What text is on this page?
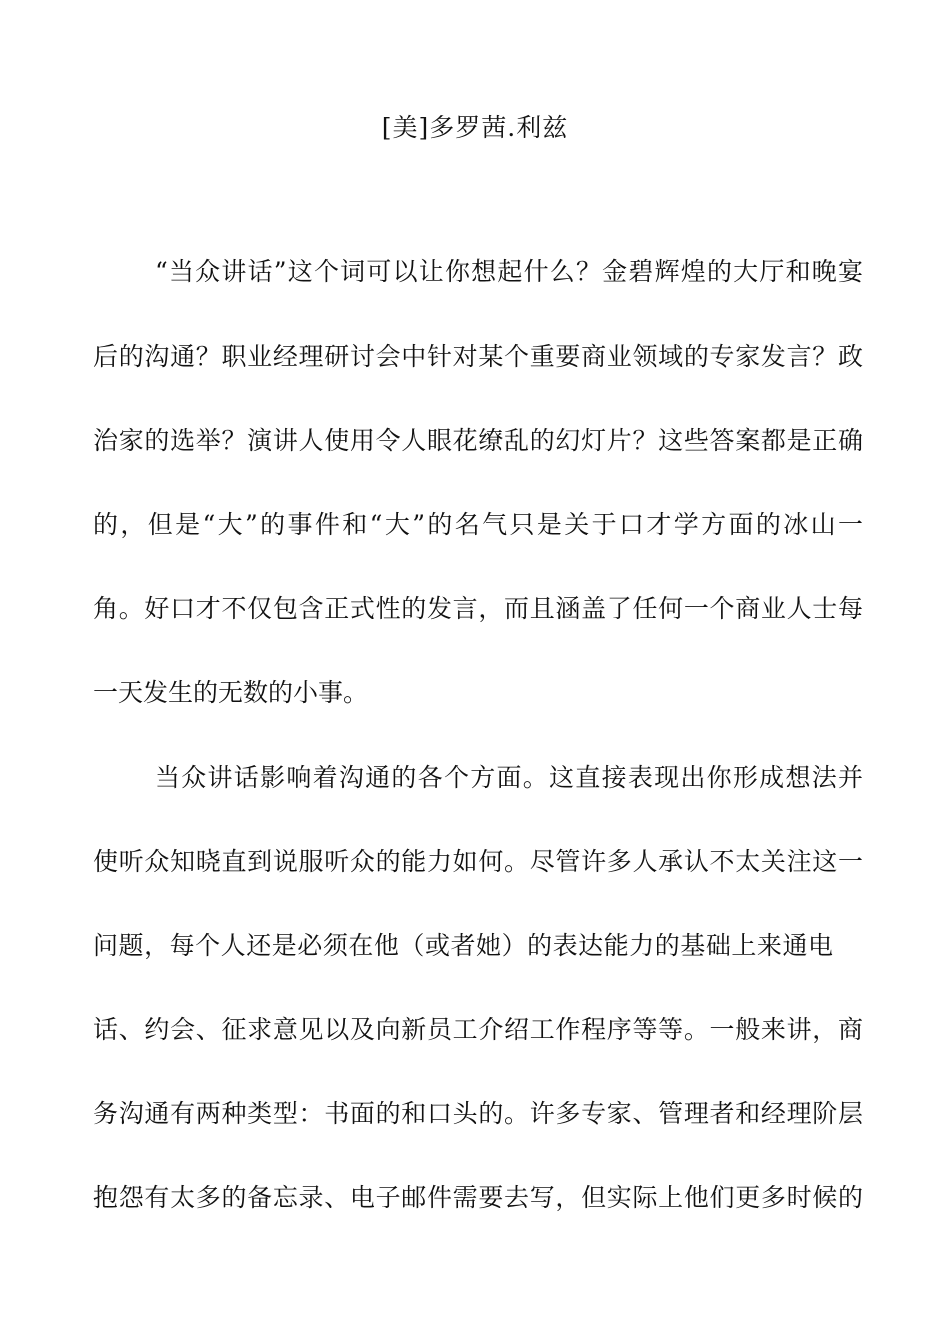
[美]多罗茜.利兹
“当众讲话”这个词可以让你想起什么？金碧辉煌的大厅和晚宴
后的沟通？职业经理研讨会中针对某个重要商业领域的专家发言？政
治家的选举？演讲人使用令人眼花缭乱的幻灯片？这些答案都是正确
的，但是“大”的事件和“大”的名气只是关于口才学方面的冰山一
角。好口才不仅包含正式性的发言，而且涵盖了任何一个商业人士每
一天发生的无数的小事。
当众讲话影响着沟通的各个方面。这直接表现出你形成想法并
使听众知晓直到说服听众的能力如何。尽管许多人承认不太关注这一
问题，每个人还是必须在他（或者她）的表达能力的基础上来通电
话、约会、征求意见以及向新员工介绍工作程序等等。一般来讲，商
务沟通有两种类型：书面的和口头的。许多专家、管理者和经理阶层
抱怨有太多的备忘录、电子邮件需要去写，但实际上他们更多时候的
